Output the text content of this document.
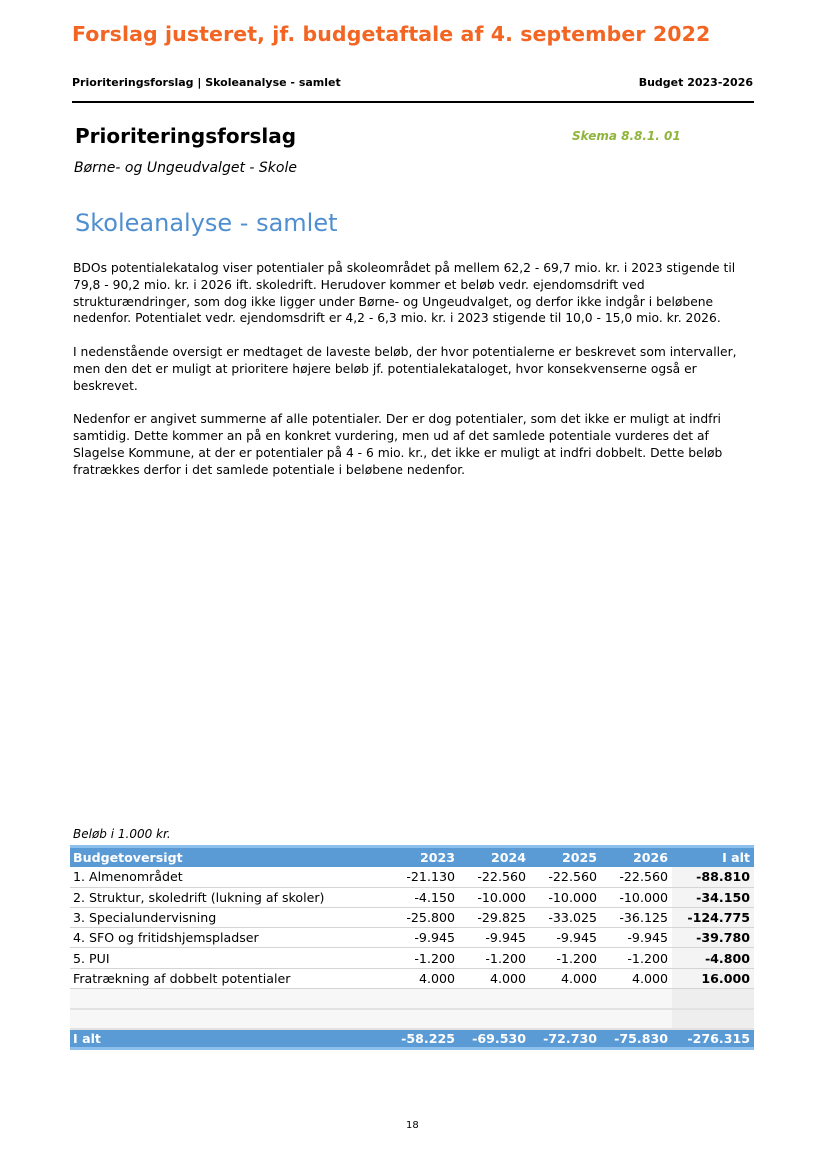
Forslag justeret, jf. budgetaftale af 4. september 2022
Prioriteringsforslag | Skoleanalyse - samlet	Budget 2023-2026
Prioriteringsforslag	Skema 8.8.1. 01
Børne- og Ungeudvalget - Skole
Skoleanalyse - samlet

BDOs potentialekatalog viser potentialer på skoleområdet på mellem 62,2 - 69,7 mio. kr. i 2023 stigende til 79,8 - 90,2 mio. kr. i 2026 ift. skoledrift. Herudover kommer et beløb vedr. ejendomsdrift ved strukturændringer, som dog ikke ligger under Børne- og Ungeudvalget, og derfor ikke indgår i beløbene nedenfor. Potentialet vedr. ejendomsdrift er 4,2 - 6,3 mio. kr. i 2023 stigende til 10,0 - 15,0 mio. kr. 2026.

I nedenstående oversigt er medtaget de laveste beløb, der hvor potentialerne er beskrevet som intervaller, men den det er muligt at prioritere højere beløb jf. potentialekataloget, hvor konsekvenserne også er beskrevet.

Nedenfor er angivet summerne af alle potentialer. Der er dog potentialer, som det ikke er muligt at indfri samtidig. Dette kommer an på en konkret vurdering, men ud af det samlede potentiale vurderes det af Slagelse Kommune, at der er potentialer på 4 - 6 mio. kr., det ikke er muligt at indfri dobbelt. Dette beløb fratrækkes derfor i det samlede potentiale i beløbene nedenfor.

Beløb i 1.000 kr.
Budgetoversigt	2023	2024	2025	2026	I alt
1. Almenområdet	-21.130	-22.560	-22.560	-22.560	-88.810
2. Struktur, skoledrift (lukning af skoler)	-4.150	-10.000	-10.000	-10.000	-34.150
3. Specialundervisning	-25.800	-29.825	-33.025	-36.125	-124.775
4. SFO og fritidshjemspladser	-9.945	-9.945	-9.945	-9.945	-39.780
5. PUI	-1.200	-1.200	-1.200	-1.200	-4.800
Fratrækning af dobbelt potentialer	4.000	4.000	4.000	4.000	16.000

I alt	-58.225	-69.530	-72.730	-75.830	-276.315
18
